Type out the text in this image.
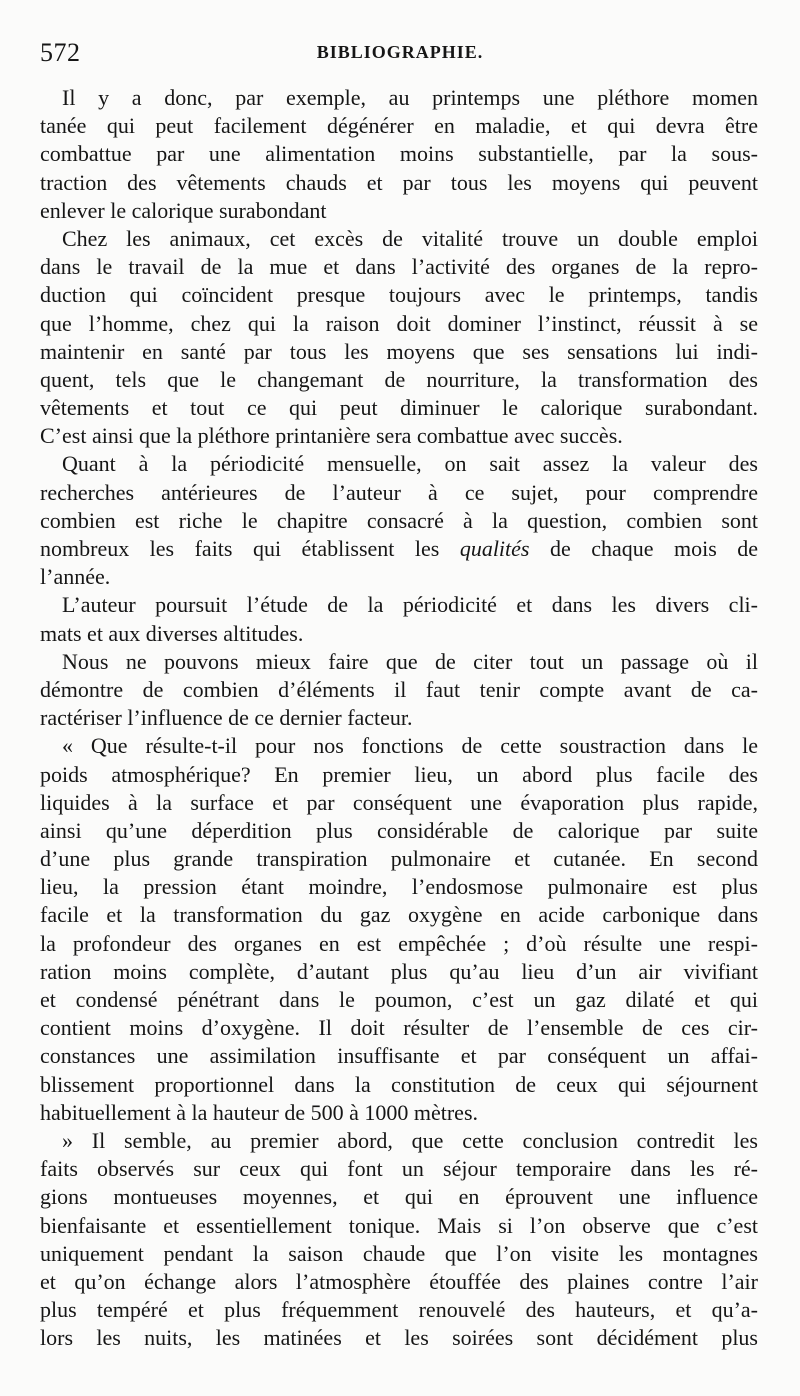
572	BIBLIOGRAPHIE.
Il y a donc, par exemple, au printemps une pléthore momen
tanée qui peut facilement dégénérer en maladie, et qui devra être
combattue par une alimentation moins substantielle, par la sous-
traction des vêtements chauds et par tous les moyens qui peuvent
enlever le calorique surabondant
Chez les animaux, cet excès de vitalité trouve un double emploi
dans le travail de la mue et dans l’activité des organes de la repro-
duction qui coïncident presque toujours avec le printemps, tandis
que l’homme, chez qui la raison doit dominer l’instinct, réussit à se
maintenir en santé par tous les moyens que ses sensations lui indi-
quent, tels que le changemant de nourriture, la transformation des
vêtements et tout ce qui peut diminuer le calorique surabondant.
C’est ainsi que la pléthore printanière sera combattue avec succès.
Quant à la périodicité mensuelle, on sait assez la valeur des
recherches antérieures de l’auteur à ce sujet, pour comprendre
combien est riche le chapitre consacré à la question, combien sont
nombreux les faits qui établissent les qualités de chaque mois de
l’année.
L’auteur poursuit l’étude de la périodicité et dans les divers cli-
mats et aux diverses altitudes.
Nous ne pouvons mieux faire que de citer tout un passage où il
démontre de combien d’éléments il faut tenir compte avant de ca-
ractériser l’influence de ce dernier facteur.
« Que résulte-t-il pour nos fonctions de cette soustraction dans le
poids atmosphérique? En premier lieu, un abord plus facile des
liquides à la surface et par conséquent une évaporation plus rapide,
ainsi qu’une déperdition plus considérable de calorique par suite
d’une plus grande transpiration pulmonaire et cutanée. En second
lieu, la pression étant moindre, l’endosmose pulmonaire est plus
facile et la transformation du gaz oxygène en acide carbonique dans
la profondeur des organes en est empêchée ; d’où résulte une respi-
ration moins complète, d’autant plus qu’au lieu d’un air vivifiant
et condensé pénétrant dans le poumon, c’est un gaz dilaté et qui
contient moins d’oxygène. Il doit résulter de l’ensemble de ces cir-
constances une assimilation insuffisante et par conséquent un affai-
blissement proportionnel dans la constitution de ceux qui séjournent
habituellement à la hauteur de 500 à 1000 mètres.
» Il semble, au premier abord, que cette conclusion contredit les
faits observés sur ceux qui font un séjour temporaire dans les ré-
gions montueuses moyennes, et qui en éprouvent une influence
bienfaisante et essentiellement tonique. Mais si l’on observe que c’est
uniquement pendant la saison chaude que l’on visite les montagnes
et qu’on échange alors l’atmosphère étouffée des plaines contre l’air
plus tempéré et plus fréquemment renouvelé des hauteurs, et qu’a-
lors les nuits, les matinées et les soirées sont décidément plus
